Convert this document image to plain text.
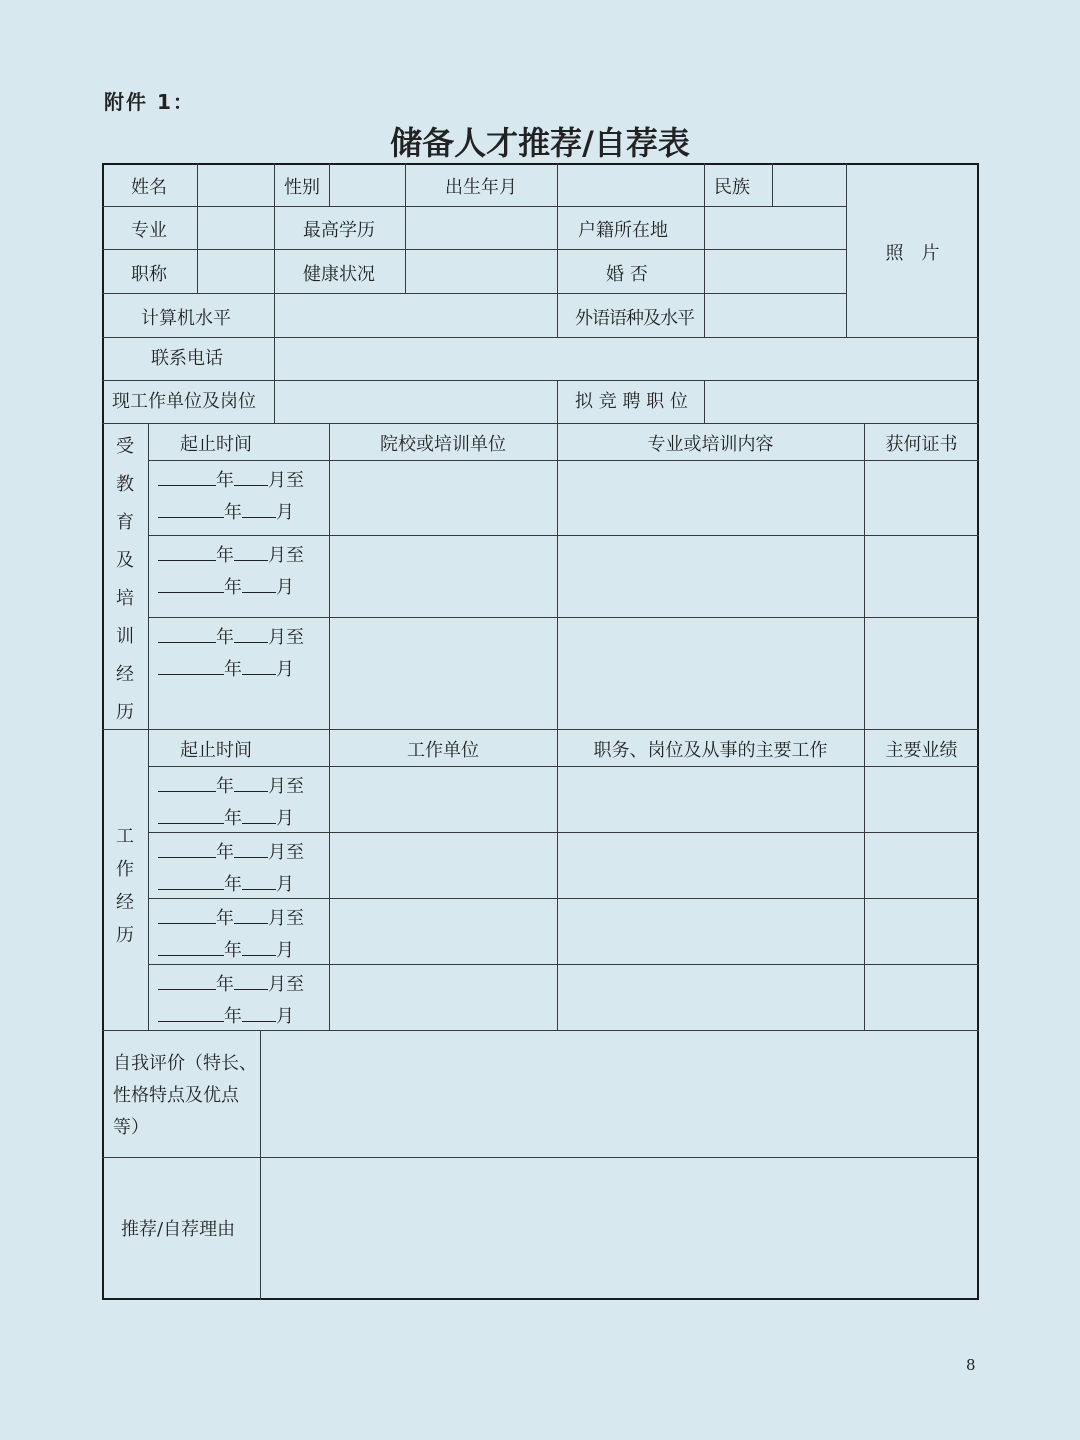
附件 1：
储备人才推荐/自荐表
姓名	性别	出生年月	民族
照　片
专业	最高学历	户籍所在地
职称	健康状况	婚 否
计算机水平	外语语种及水平
联系电话
现工作单位及岗位	拟 竞 聘 职 位
受
教
育
及
培
训
经
历
起止时间	院校或培训单位	专业或培训内容	获何证书
年 月至
年 月
年 月至
年 月
年 月至
年 月
工
作
经
历
起止时间	工作单位	职务、岗位及从事的主要工作	主要业绩
年 月至
年 月
年 月至
年 月
年 月至
年 月
年 月至
年 月
自我评价（特长、
性格特点及优点
等）
推荐/自荐理由
8
